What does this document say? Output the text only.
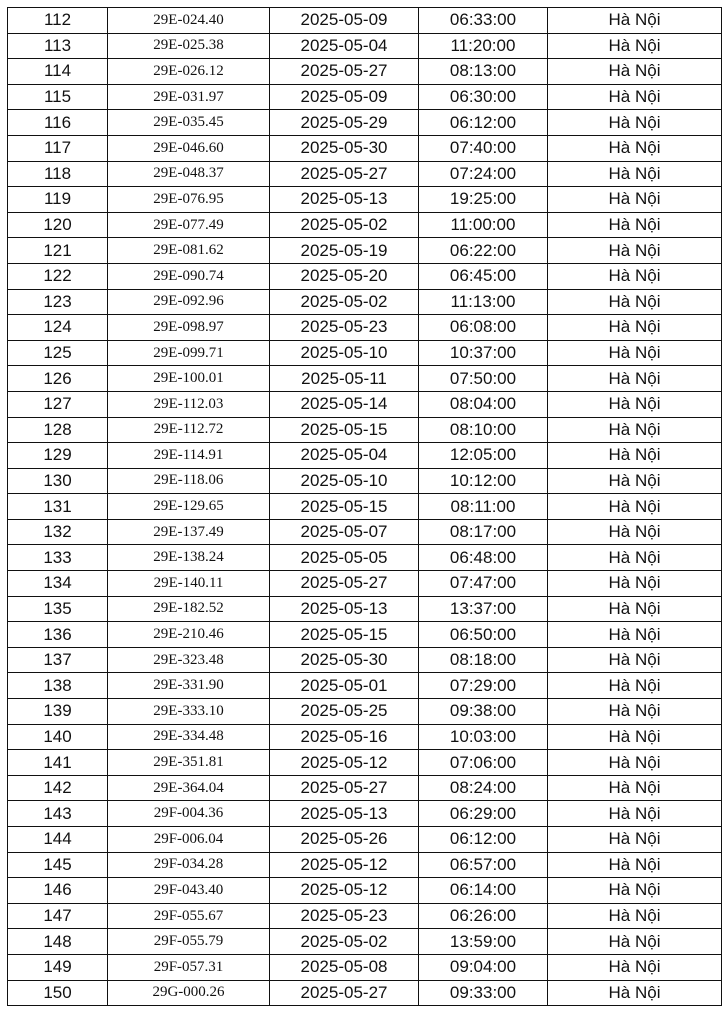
112	29E-024.40	2025-05-09	06:33:00	Hà Nội
113	29E-025.38	2025-05-04	11:20:00	Hà Nội
114	29E-026.12	2025-05-27	08:13:00	Hà Nội
115	29E-031.97	2025-05-09	06:30:00	Hà Nội
116	29E-035.45	2025-05-29	06:12:00	Hà Nội
117	29E-046.60	2025-05-30	07:40:00	Hà Nội
118	29E-048.37	2025-05-27	07:24:00	Hà Nội
119	29E-076.95	2025-05-13	19:25:00	Hà Nội
120	29E-077.49	2025-05-02	11:00:00	Hà Nội
121	29E-081.62	2025-05-19	06:22:00	Hà Nội
122	29E-090.74	2025-05-20	06:45:00	Hà Nội
123	29E-092.96	2025-05-02	11:13:00	Hà Nội
124	29E-098.97	2025-05-23	06:08:00	Hà Nội
125	29E-099.71	2025-05-10	10:37:00	Hà Nội
126	29E-100.01	2025-05-11	07:50:00	Hà Nội
127	29E-112.03	2025-05-14	08:04:00	Hà Nội
128	29E-112.72	2025-05-15	08:10:00	Hà Nội
129	29E-114.91	2025-05-04	12:05:00	Hà Nội
130	29E-118.06	2025-05-10	10:12:00	Hà Nội
131	29E-129.65	2025-05-15	08:11:00	Hà Nội
132	29E-137.49	2025-05-07	08:17:00	Hà Nội
133	29E-138.24	2025-05-05	06:48:00	Hà Nội
134	29E-140.11	2025-05-27	07:47:00	Hà Nội
135	29E-182.52	2025-05-13	13:37:00	Hà Nội
136	29E-210.46	2025-05-15	06:50:00	Hà Nội
137	29E-323.48	2025-05-30	08:18:00	Hà Nội
138	29E-331.90	2025-05-01	07:29:00	Hà Nội
139	29E-333.10	2025-05-25	09:38:00	Hà Nội
140	29E-334.48	2025-05-16	10:03:00	Hà Nội
141	29E-351.81	2025-05-12	07:06:00	Hà Nội
142	29E-364.04	2025-05-27	08:24:00	Hà Nội
143	29F-004.36	2025-05-13	06:29:00	Hà Nội
144	29F-006.04	2025-05-26	06:12:00	Hà Nội
145	29F-034.28	2025-05-12	06:57:00	Hà Nội
146	29F-043.40	2025-05-12	06:14:00	Hà Nội
147	29F-055.67	2025-05-23	06:26:00	Hà Nội
148	29F-055.79	2025-05-02	13:59:00	Hà Nội
149	29F-057.31	2025-05-08	09:04:00	Hà Nội
150	29G-000.26	2025-05-27	09:33:00	Hà Nội
